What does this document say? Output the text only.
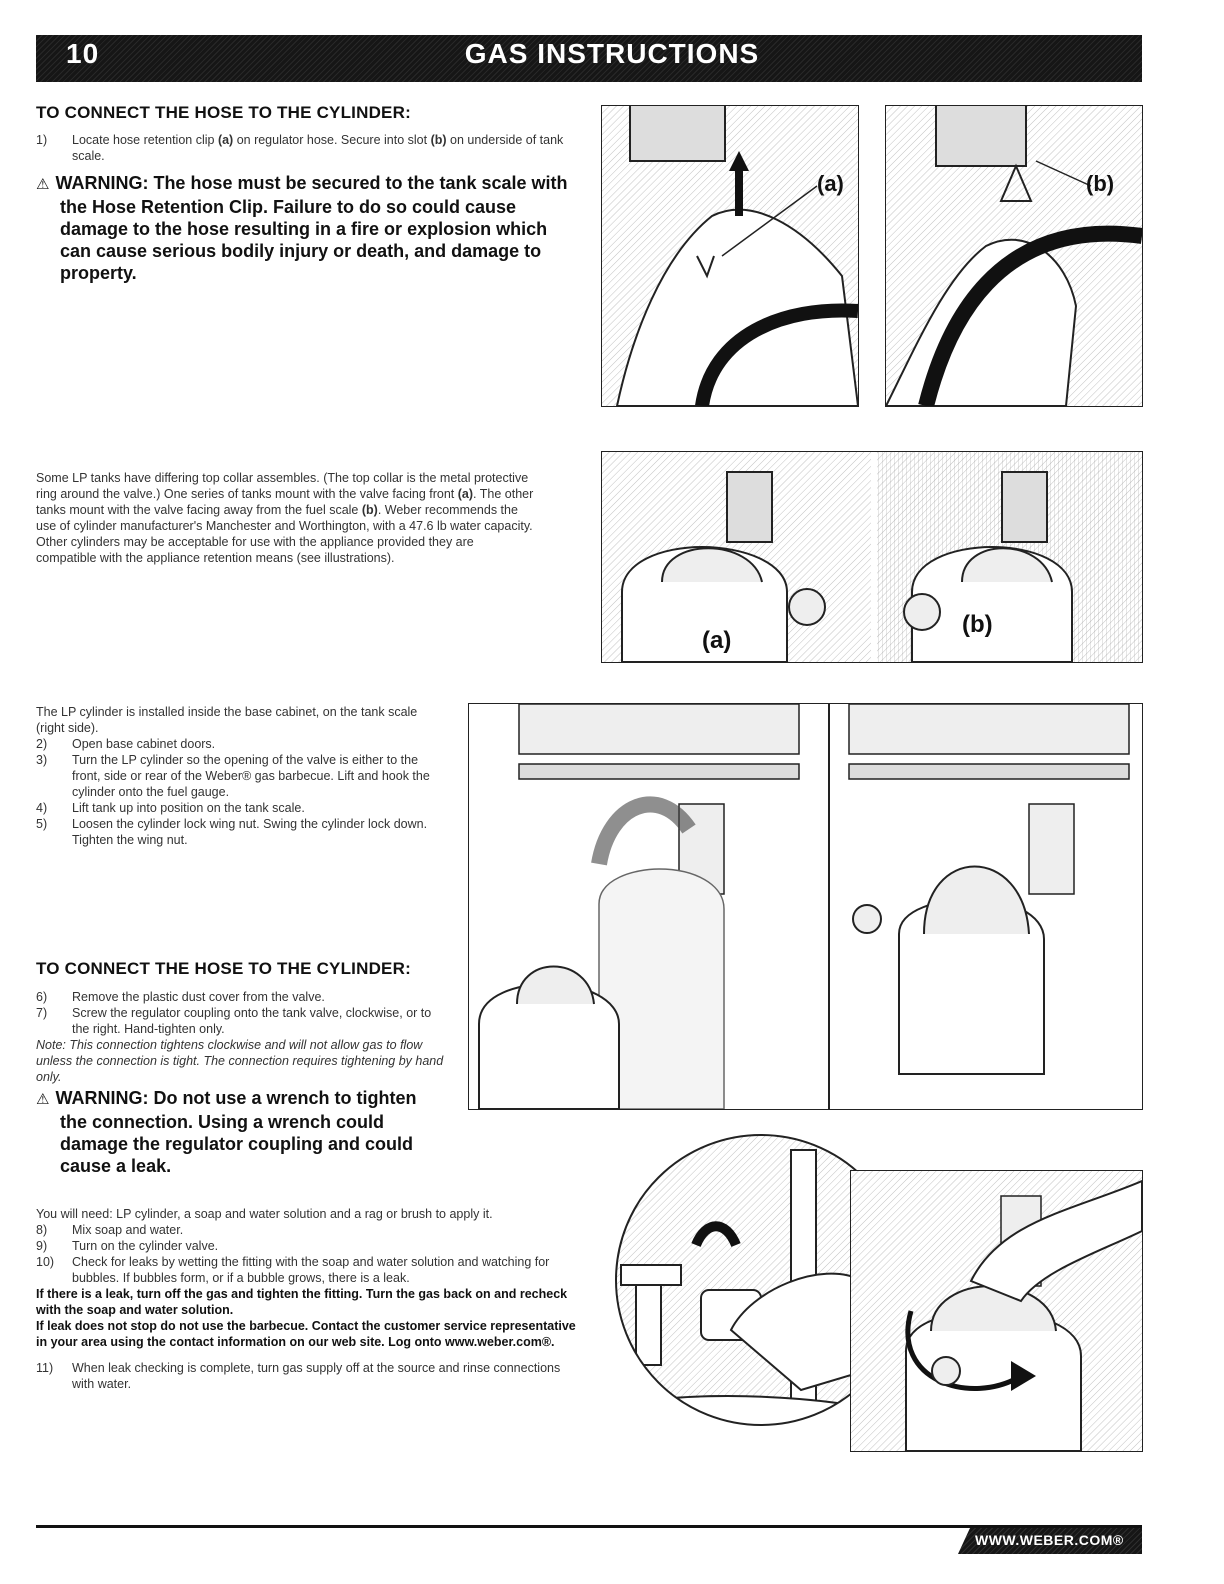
10	GAS INSTRUCTIONS
TO CONNECT THE HOSE TO THE CYLINDER:
1)	Locate hose retention clip (a) on regulator hose. Secure into slot (b) on underside of tank scale.
⚠ WARNING: The hose must be secured to the tank scale with the Hose Retention Clip. Failure to do so could cause damage to the hose resulting in a fire or explosion which can cause serious bodily injury or death, and damage to property.
(a)	(b)
Some LP tanks have differing top collar assembles. (The top collar is the metal protective ring around the valve.) One series of tanks mount with the valve facing front (a). The other tanks mount with the valve facing away from the fuel scale (b). Weber recommends the use of cylinder manufacturer's Manchester and Worthington, with a 47.6 lb water capacity. Other cylinders may be acceptable for use with the appliance provided they are compatible with the appliance retention means (see illustrations).
(a)
(b)
The LP cylinder is installed inside the base cabinet, on the tank scale (right side).
2)	Open base cabinet doors.
3)	Turn the LP cylinder so the opening of the valve is either to the front, side or rear of the Weber® gas barbecue. Lift and hook the cylinder onto the fuel gauge.
4)	Lift tank up into position on the tank scale.
5)	Loosen the cylinder lock wing nut. Swing the cylinder lock down. Tighten the wing nut.
TO CONNECT THE HOSE TO THE CYLINDER:
6)	Remove the plastic dust cover from the valve.
7)	Screw the regulator coupling onto the tank valve, clockwise, or to the right. Hand-tighten only.
Note: This connection tightens clockwise and will not allow gas to flow unless the connection is tight. The connection requires tightening by hand only.
⚠ WARNING: Do not use a wrench to tighten the connection. Using a wrench could damage the regulator coupling and could cause a leak.
You will need: LP cylinder, a soap and water solution and a rag or brush to apply it.
8)	Mix soap and water.
9)	Turn on the cylinder valve.
10)	Check for leaks by wetting the fitting with the soap and water solution and watching for bubbles. If bubbles form, or if a bubble grows, there is a leak.
If there is a leak, turn off the gas and tighten the fitting. Turn the gas back on and recheck with the soap and water solution.
If leak does not stop do not use the barbecue. Contact the customer service representative in your area using the contact information on our web site. Log onto www.weber.com®.
11)	When leak checking is complete, turn gas supply off at the source and rinse connections with water.
WWW.WEBER.COM®
